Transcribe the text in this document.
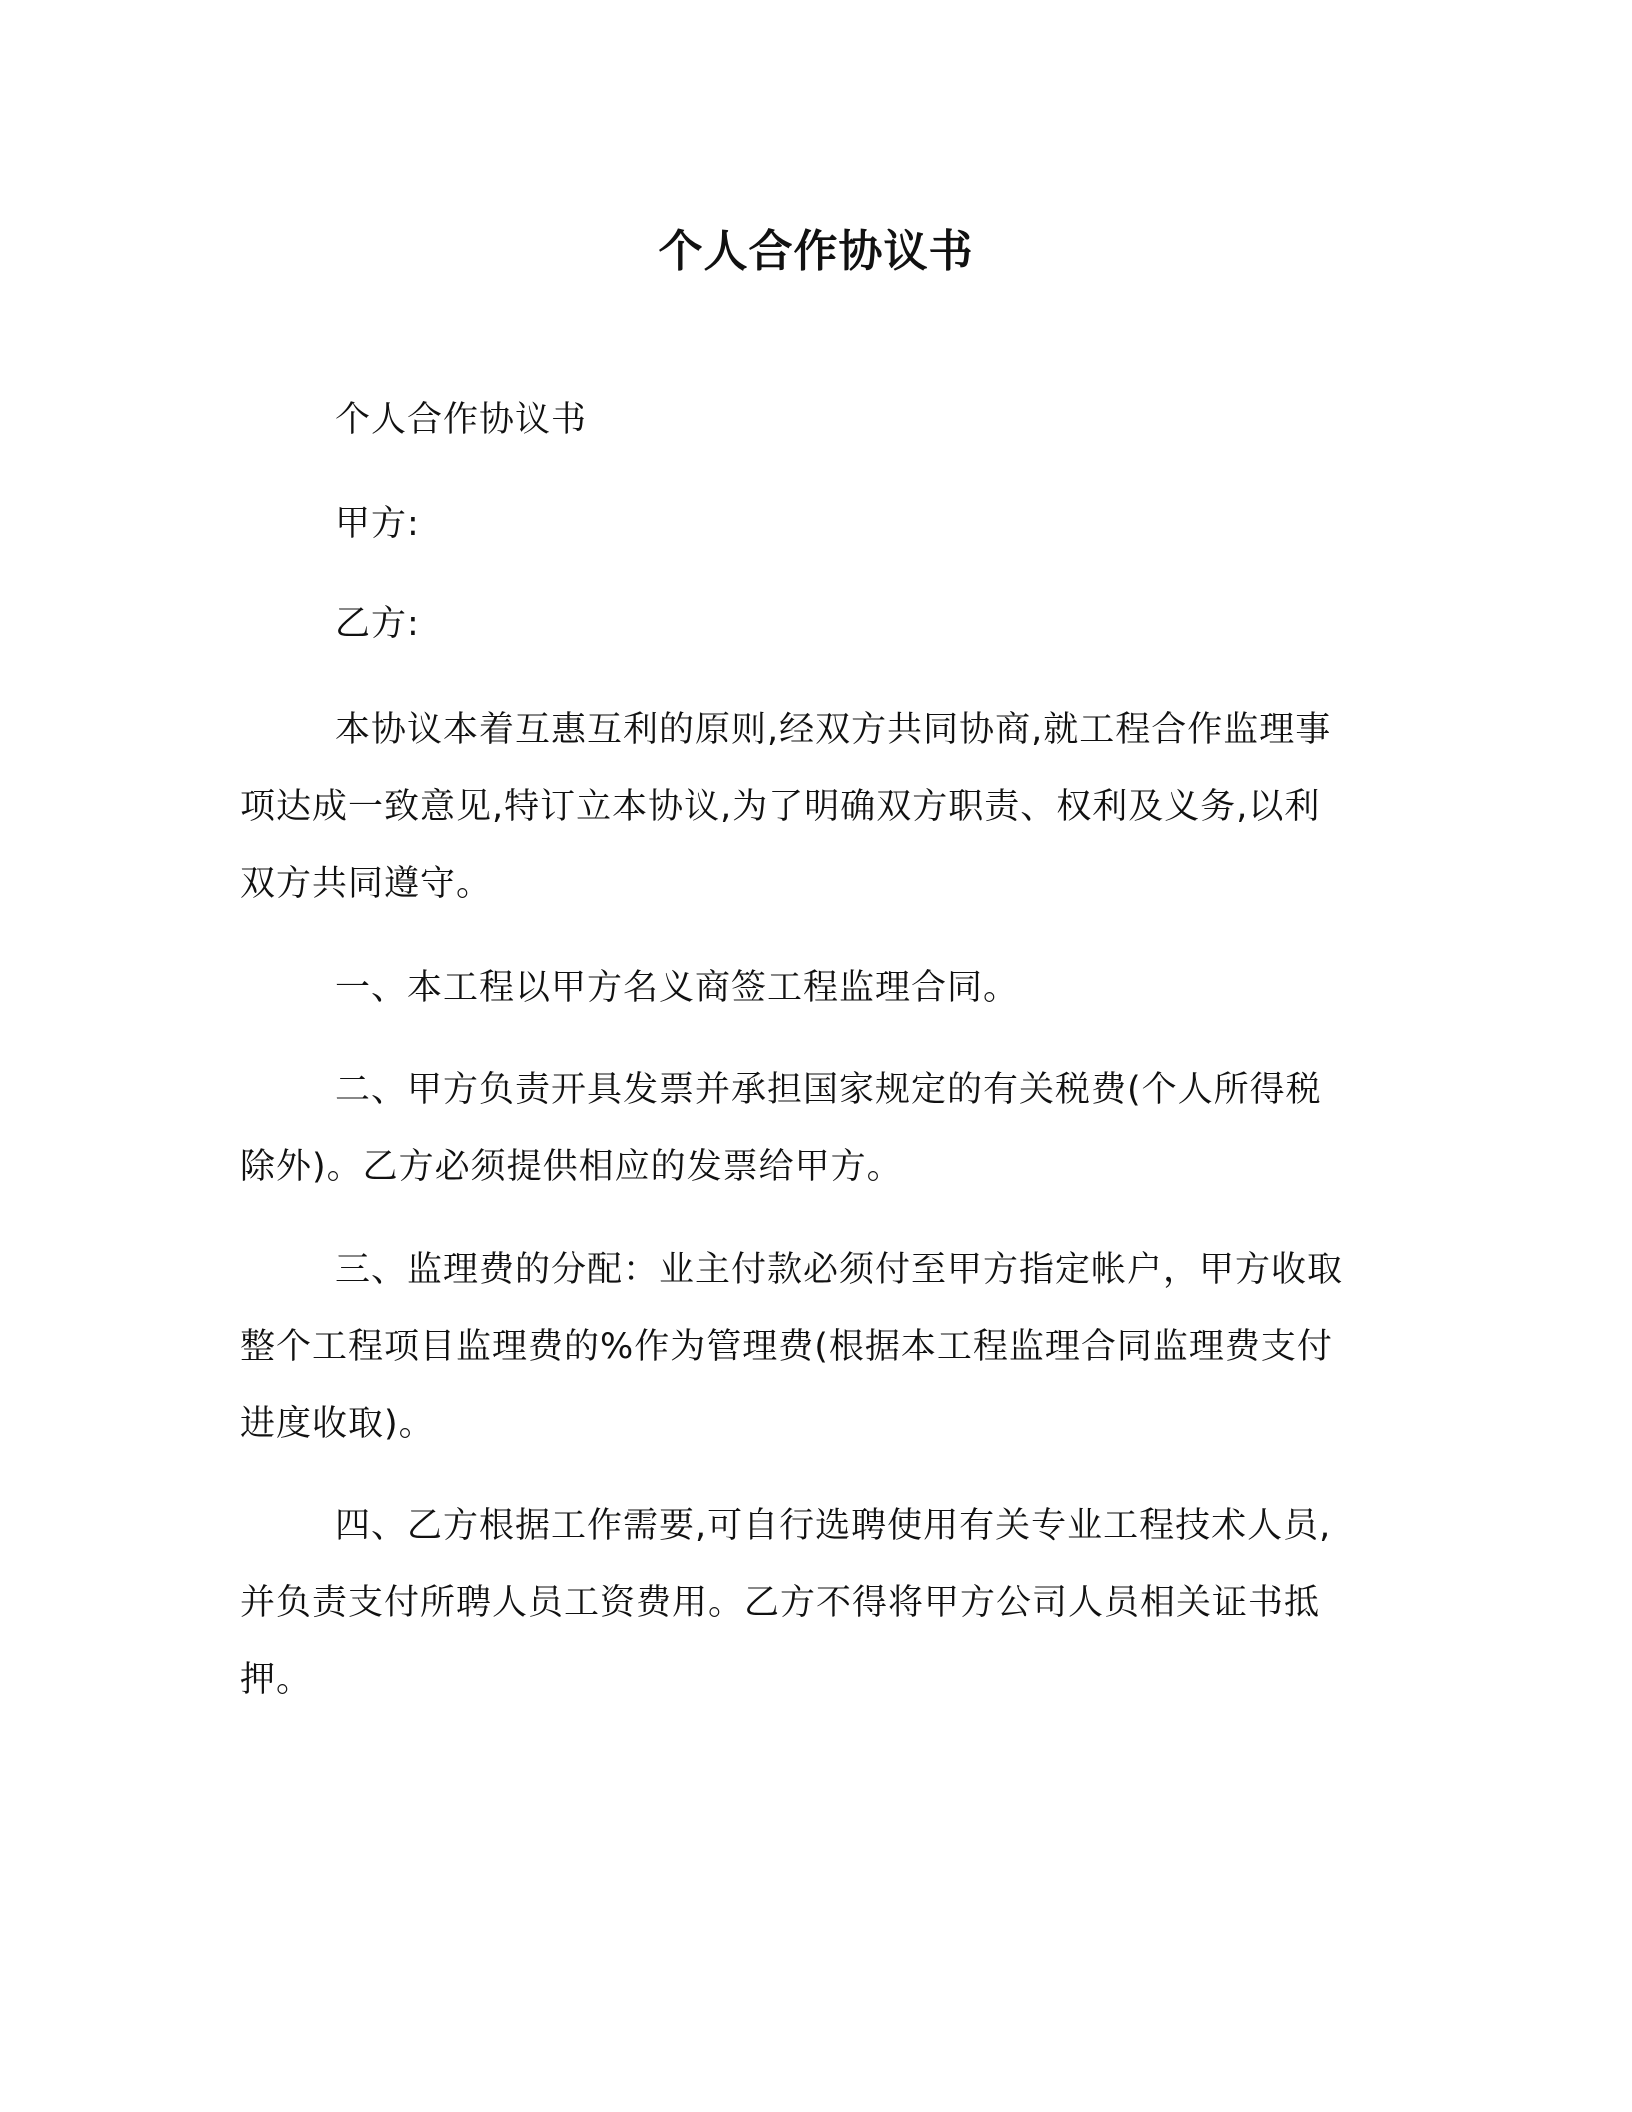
个人合作协议书
个人合作协议书
甲方:
乙方:
本协议本着互惠互利的原则,经双方共同协商,就工程合作监理事
项达成一致意见,特订立本协议,为了明确双方职责、权利及义务,以利
双方共同遵守。
一、本工程以甲方名义商签工程监理合同。
二、甲方负责开具发票并承担国家规定的有关税费(个人所得税
除外)。乙方必须提供相应的发票给甲方。
三、监理费的分配：业主付款必须付至甲方指定帐户，甲方收取
整个工程项目监理费的%作为管理费(根据本工程监理合同监理费支付
进度收取)。
四、乙方根据工作需要,可自行选聘使用有关专业工程技术人员,
并负责支付所聘人员工资费用。乙方不得将甲方公司人员相关证书抵
押。
